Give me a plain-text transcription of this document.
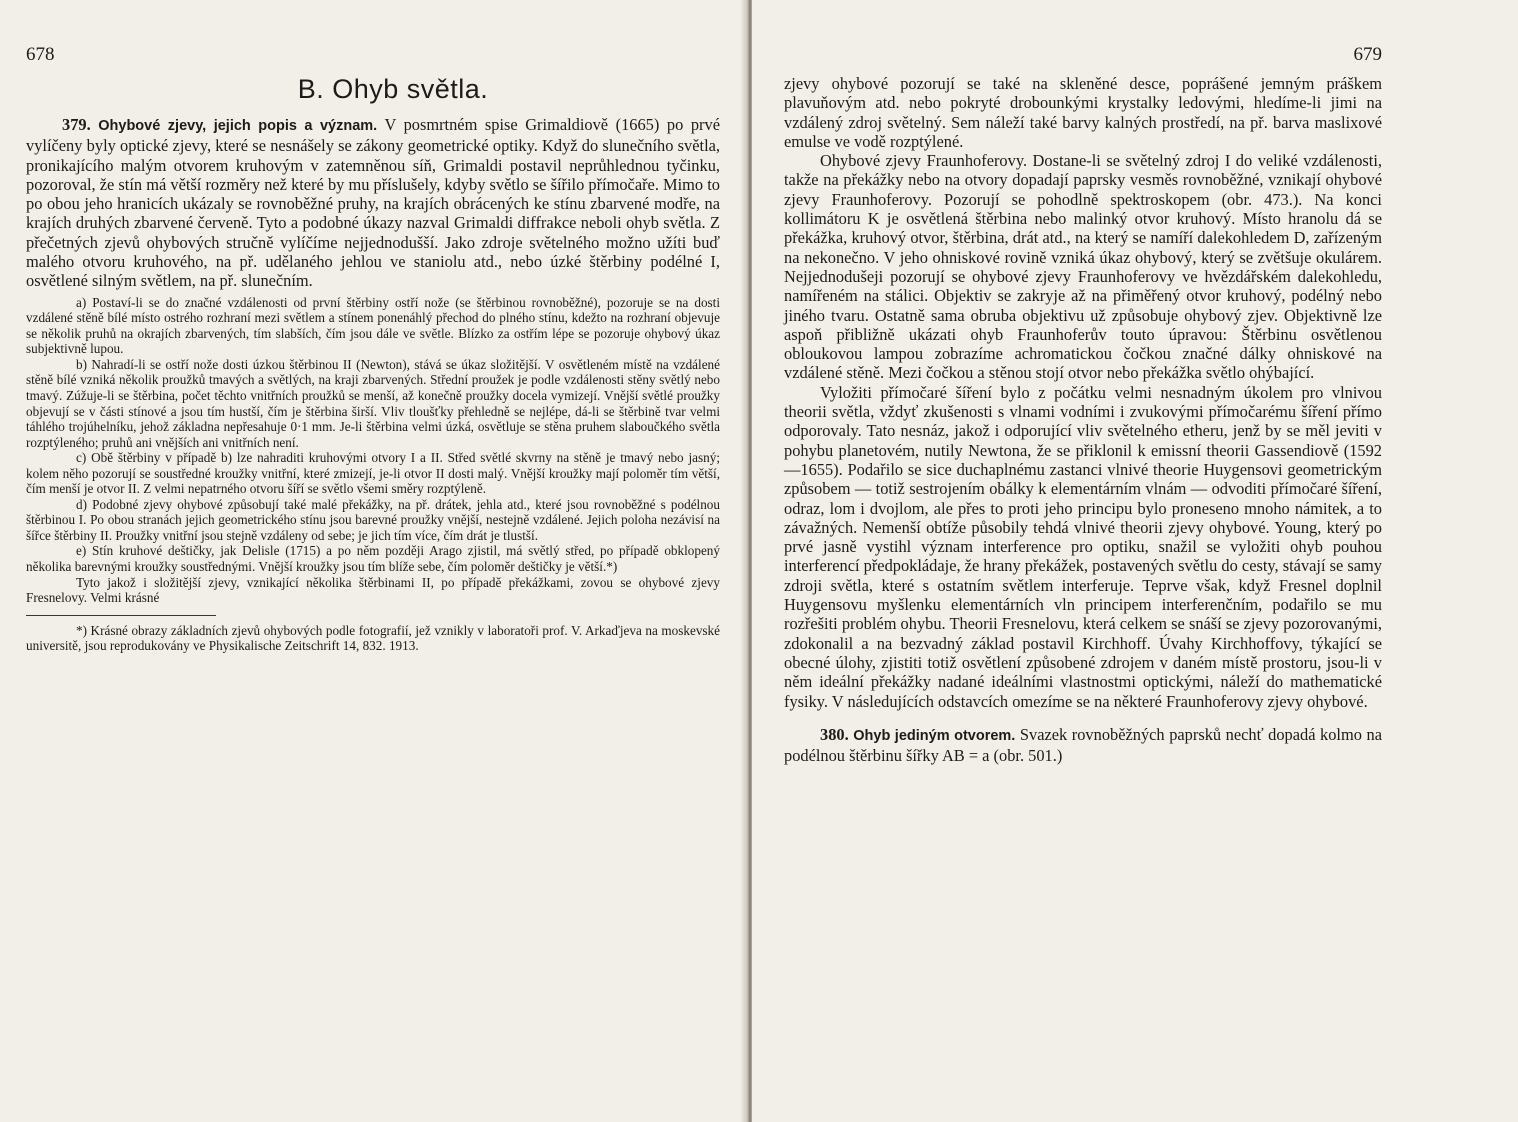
678
B. Ohyb světla.

379. Ohybové zjevy, jejich popis a význam. V posmrtném spise Grimaldiově (1665) po prvé vylíčeny byly optické zjevy, které se nesnášely se zákony geometrické optiky. Když do slunečního světla, pronikajícího malým otvorem kruhovým v zatemněnou síň, Grimaldi postavil neprůhlednou tyčinku, pozoroval, že stín má větší rozměry než které by mu příslušely, kdyby světlo se šířilo přímočaře. Mimo to po obou jeho hranicích ukázaly se rovnoběžné pruhy, na krajích obrácených ke stínu zbarvené modře, na krajích druhých zbarvené červeně. Tyto a podobné úkazy nazval Grimaldi diffrakce neboli ohyb světla. Z přečetných zjevů ohybových stručně vylíčíme nejjednodušší. Jako zdroje světelného možno užíti buď malého otvoru kruhového, na př. udělaného jehlou ve staniolu atd., nebo úzké štěrbiny podélné I, osvětlené silným světlem, na př. slunečním.

a) Postaví-li se do značné vzdálenosti od první štěrbiny ostří nože (se štěrbinou rovnoběžné), pozoruje se na dosti vzdálené stěně bílé místo ostrého rozhraní mezi světlem a stínem ponenáhlý přechod do plného stínu, kdežto na rozhraní objevuje se několik pruhů na okrajích zbarvených, tím slabších, čím jsou dále ve světle. Blízko za ostřím lépe se pozoruje ohybový úkaz subjektivně lupou.

b) Nahradí-li se ostří nože dosti úzkou štěrbinou II (Newton), stává se úkaz složitější. V osvětleném místě na vzdálené stěně bílé vzniká několik proužků tmavých a světlých, na kraji zbarvených. Střední proužek je podle vzdálenosti stěny světlý nebo tmavý. Zúžuje-li se štěrbina, počet těchto vnitřních proužků se menší, až konečně proužky docela vymizejí. Vnější světlé proužky objevují se v části stínové a jsou tím hustší, čím je štěrbina širší. Vliv tloušťky přehledně se nejlépe, dá-li se štěrbině tvar velmi táhlého trojúhelníku, jehož základna nepřesahuje 0·1 mm. Je-li štěrbina velmi úzká, osvětluje se stěna pruhem slaboučkého světla rozptýleného; pruhů ani vnějších ani vnitřních není.

c) Obě štěrbiny v případě b) lze nahraditi kruhovými otvory I a II. Střed světlé skvrny na stěně je tmavý nebo jasný; kolem něho pozorují se soustředné kroužky vnitřní, které zmizejí, je-li otvor II dosti malý. Vnější kroužky mají poloměr tím větší, čím menší je otvor II. Z velmi nepatrného otvoru šíří se světlo všemi směry rozptýleně.

d) Podobné zjevy ohybové způsobují také malé překážky, na př. drátek, jehla atd., které jsou rovnoběžné s podélnou štěrbinou I. Po obou stranách jejich geometrického stínu jsou barevné proužky vnější, nestejně vzdálené. Jejich poloha nezávisí na šířce štěrbiny II. Proužky vnitřní jsou stejně vzdáleny od sebe; je jich tím více, čím drát je tlustší.

e) Stín kruhové deštičky, jak Delisle (1715) a po něm později Arago zjistil, má světlý střed, po případě obklopený několika barevnými kroužky soustřednými. Vnější kroužky jsou tím blíže sebe, čím poloměr deštičky je větší.*)

Tyto jakož i složitější zjevy, vznikající několika štěrbinami II, po případě překážkami, zovou se ohybové zjevy Fresnelovy. Velmi krásné

*) Krásné obrazy základních zjevů ohybových podle fotografií, jež vznikly v laboratoři prof. V. Arkaďjeva na moskevské universitě, jsou reprodukovány ve Physikalische Zeitschrift 14, 832. 1913.

679

zjevy ohybové pozorují se také na skleněné desce, poprášené jemným práškem plavuňovým atd. nebo pokryté drobounkými krystalky ledovými, hledíme-li jimi na vzdálený zdroj světelný. Sem náleží také barvy kalných prostředí, na př. barva maslixové emulse ve vodě rozptýlené.

Ohybové zjevy Fraunhoferovy. Dostane-li se světelný zdroj I do veliké vzdálenosti, takže na překážky nebo na otvory dopadají paprsky vesměs rovnoběžné, vznikají ohybové zjevy Fraunhoferovy. Pozorují se pohodlně spektroskopem (obr. 473.). Na konci kollimátoru K je osvětlená štěrbina nebo malinký otvor kruhový. Místo hranolu dá se překážka, kruhový otvor, štěrbina, drát atd., na který se namíří dalekohledem D, zařízeným na nekonečno. V jeho ohniskové rovině vzniká úkaz ohybový, který se zvětšuje okulárem. Nejjednodušeji pozorují se ohybové zjevy Fraunhoferovy ve hvězdářském dalekohledu, namířeném na stálici. Objektiv se zakryje až na přiměřený otvor kruhový, podélný nebo jiného tvaru. Ostatně sama obruba objektivu už způsobuje ohybový zjev. Objektivně lze aspoň přibližně ukázati ohyb Fraunhoferův touto úpravou: Štěrbinu osvětlenou obloukovou lampou zobrazíme achromatickou čočkou značné dálky ohniskové na vzdálené stěně. Mezi čočkou a stěnou stojí otvor nebo překážka světlo ohýbající.

Vyložiti přímočaré šíření bylo z počátku velmi nesnadným úkolem pro vlnivou theorii světla, vždyť zkušenosti s vlnami vodními i zvukovými přímočarému šíření přímo odporovaly. Tato nesnáz, jakož i odporující vliv světelného etheru, jenž by se měl jeviti v pohybu planetovém, nutily Newtona, že se přiklonil k emissní theorii Gassendiově (1592—1655). Podařilo se sice duchaplnému zastanci vlnivé theorie Huygensovi geometrickým způsobem — totiž sestrojením obálky k elementárním vlnám — odvoditi přímočaré šíření, odraz, lom i dvojlom, ale přes to proti jeho principu bylo proneseno mnoho námitek, a to závažných. Nemenší obtíže působily tehdá vlnivé theorii zjevy ohybové. Young, který po prvé jasně vystihl význam interference pro optiku, snažil se vyložiti ohyb pouhou interferencí předpokládaje, že hrany překážek, postavených světlu do cesty, stávají se samy zdroji světla, které s ostatním světlem interferuje. Teprve však, když Fresnel doplnil Huygensovu myšlenku elementárních vln principem interferenčním, podařilo se mu rozřešiti problém ohybu. Theorii Fresnelovu, která celkem se snáší se zjevy pozorovanými, zdokonalil a na bezvadný základ postavil Kirchhoff. Úvahy Kirchhoffovy, týkající se obecné úlohy, zjistiti totiž osvětlení způsobené zdrojem v daném místě prostoru, jsou-li v něm ideální překážky nadané ideálními vlastnostmi optickými, náleží do mathematické fysiky. V následujících odstavcích omezíme se na některé Fraunhoferovy zjevy ohybové.

380. Ohyb jediným otvorem. Svazek rovnoběžných paprsků nechť dopadá kolmo na podélnou štěrbinu šířky AB = a (obr. 501.)
